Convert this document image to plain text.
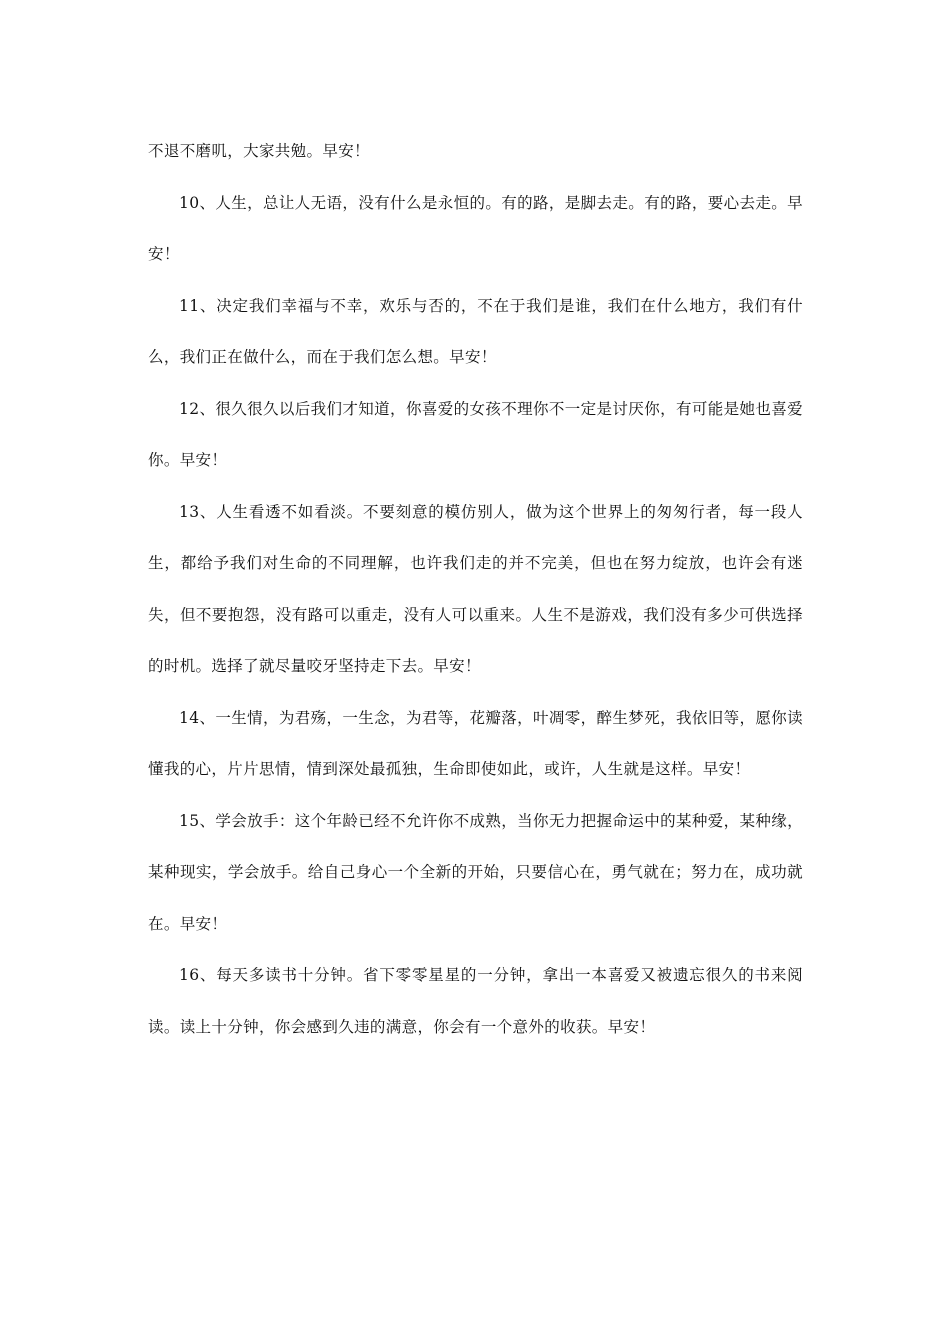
不退不磨叽，大家共勉。早安！

10、人生，总让人无语，没有什么是永恒的。有的路，是脚去走。有的路，要心去走。早安！

11、决定我们幸福与不幸，欢乐与否的，不在于我们是谁，我们在什么地方，我们有什么，我们正在做什么，而在于我们怎么想。早安！

12、很久很久以后我们才知道，你喜爱的女孩不理你不一定是讨厌你，有可能是她也喜爱你。早安！

13、人生看透不如看淡。不要刻意的模仿别人，做为这个世界上的匆匆行者，每一段人生，都给予我们对生命的不同理解，也许我们走的并不完美，但也在努力绽放，也许会有迷失，但不要抱怨，没有路可以重走，没有人可以重来。人生不是游戏，我们没有多少可供选择的时机。选择了就尽量咬牙坚持走下去。早安！

14、一生情，为君殇，一生念，为君等，花瓣落，叶凋零，醉生梦死，我依旧等，愿你读懂我的心，片片思情，情到深处最孤独，生命即使如此，或许，人生就是这样。早安！

15、学会放手：这个年龄已经不允许你不成熟，当你无力把握命运中的某种爱，某种缘，某种现实，学会放手。给自己身心一个全新的开始，只要信心在，勇气就在；努力在，成功就在。早安！

16、每天多读书十分钟。省下零零星星的一分钟，拿出一本喜爱又被遗忘很久的书来阅读。读上十分钟，你会感到久违的满意，你会有一个意外的收获。早安！
